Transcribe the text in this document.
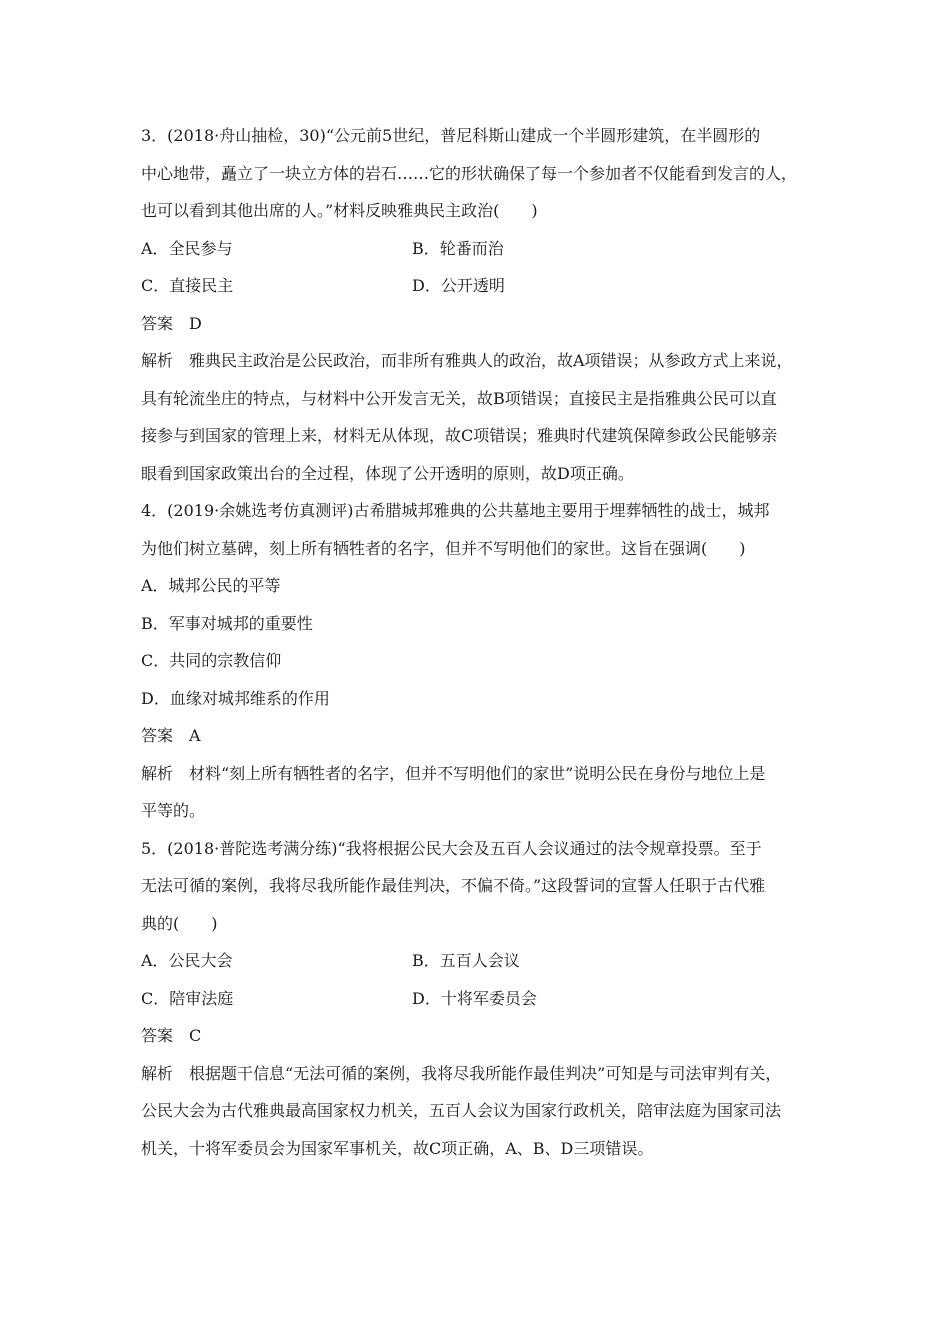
3．(2018·舟山抽检，30)“公元前5世纪，普尼科斯山建成一个半圆形建筑，在半圆形的
中心地带，矗立了一块立方体的岩石……它的形状确保了每一个参加者不仅能看到发言的人，
也可以看到其他出席的人。”材料反映雅典民主政治(　　)
A．全民参与	B．轮番而治
C．直接民主	D．公开透明
答案　D
解析　雅典民主政治是公民政治，而非所有雅典人的政治，故A项错误；从参政方式上来说，
具有轮流坐庄的特点，与材料中公开发言无关，故B项错误；直接民主是指雅典公民可以直
接参与到国家的管理上来，材料无从体现，故C项错误；雅典时代建筑保障参政公民能够亲
眼看到国家政策出台的全过程，体现了公开透明的原则，故D项正确。
4．(2019·余姚选考仿真测评)古希腊城邦雅典的公共墓地主要用于埋葬牺牲的战士，城邦
为他们树立墓碑，刻上所有牺牲者的名字，但并不写明他们的家世。这旨在强调(　　)
A．城邦公民的平等
B．军事对城邦的重要性
C．共同的宗教信仰
D．血缘对城邦维系的作用
答案　A
解析　材料“刻上所有牺牲者的名字，但并不写明他们的家世”说明公民在身份与地位上是
平等的。
5．(2018·普陀选考满分练)“我将根据公民大会及五百人会议通过的法令规章投票。至于
无法可循的案例，我将尽我所能作最佳判决，不偏不倚。”这段誓词的宣誓人任职于古代雅
典的(　　)
A．公民大会	B．五百人会议
C．陪审法庭	D．十将军委员会
答案　C
解析　根据题干信息“无法可循的案例，我将尽我所能作最佳判决”可知是与司法审判有关，
公民大会为古代雅典最高国家权力机关，五百人会议为国家行政机关，陪审法庭为国家司法
机关，十将军委员会为国家军事机关，故C项正确，A、B、D三项错误。
